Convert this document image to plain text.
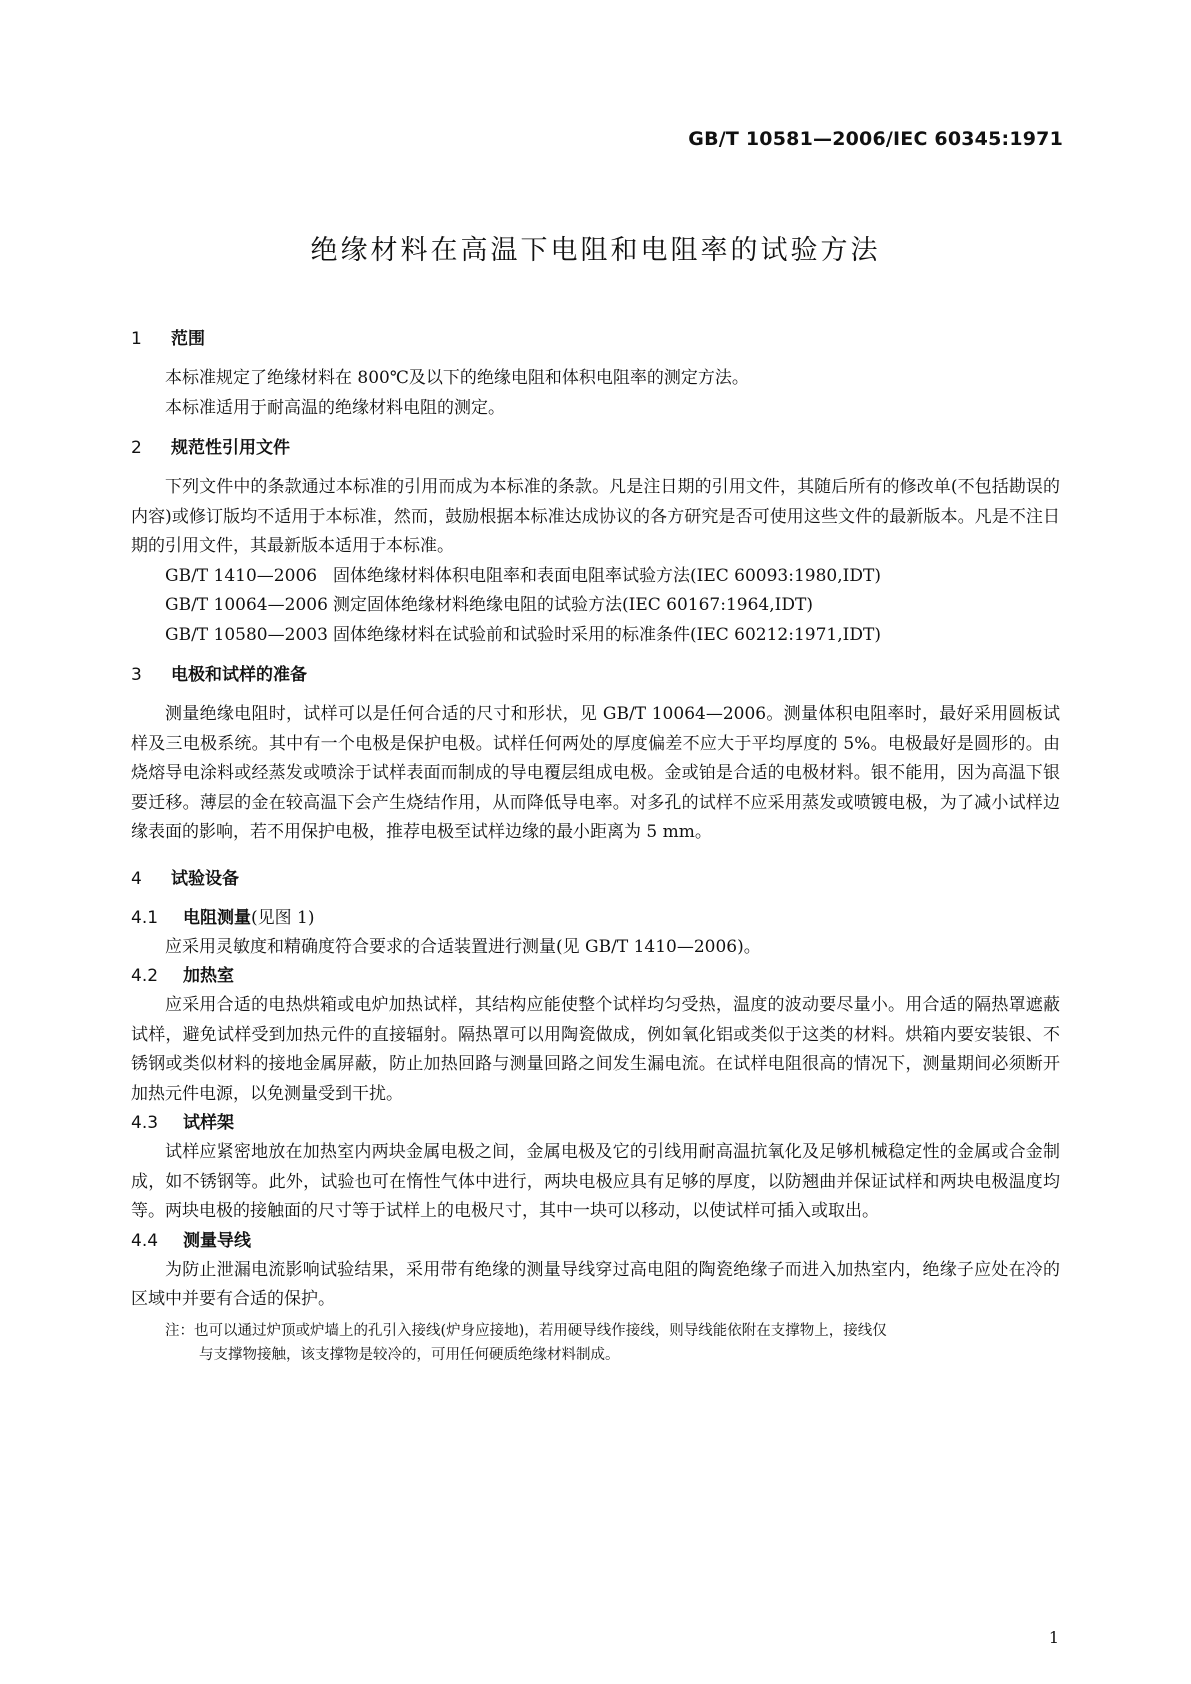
GB/T 10581—2006/IEC 60345:1971
绝缘材料在高温下电阻和电阻率的试验方法
1 范围

本标准规定了绝缘材料在 800℃及以下的绝缘电阻和体积电阻率的测定方法。

本标准适用于耐高温的绝缘材料电阻的测定。

2 规范性引用文件

下列文件中的条款通过本标准的引用而成为本标准的条款。凡是注日期的引用文件，其随后所有的修改单(不包括勘误的内容)或修订版均不适用于本标准，然而，鼓励根据本标准达成协议的各方研究是否可使用这些文件的最新版本。凡是不注日期的引用文件，其最新版本适用于本标准。

GB/T 1410—2006 固体绝缘材料体积电阻率和表面电阻率试验方法(IEC 60093:1980,IDT)
GB/T 10064—2006 测定固体绝缘材料绝缘电阻的试验方法(IEC 60167:1964,IDT)
GB/T 10580—2003 固体绝缘材料在试验前和试验时采用的标准条件(IEC 60212:1971,IDT)
3 电极和试样的准备

测量绝缘电阻时，试样可以是任何合适的尺寸和形状，见 GB/T 10064—2006。测量体积电阻率时，最好采用圆板试样及三电极系统。其中有一个电极是保护电极。试样任何两处的厚度偏差不应大于平均厚度的 5%。电极最好是圆形的。由烧熔导电涂料或经蒸发或喷涂于试样表面而制成的导电覆层组成电极。金或铂是合适的电极材料。银不能用，因为高温下银要迁移。薄层的金在较高温下会产生烧结作用，从而降低导电率。对多孔的试样不应采用蒸发或喷镀电极，为了减小试样边缘表面的影响，若不用保护电极，推荐电极至试样边缘的最小距离为 5 mm。

4 试验设备
4.1 电阻测量(见图 1)

应采用灵敏度和精确度符合要求的合适装置进行测量(见 GB/T 1410—2006)。

4.2 加热室

应采用合适的电热烘箱或电炉加热试样，其结构应能使整个试样均匀受热，温度的波动要尽量小。用合适的隔热罩遮蔽试样，避免试样受到加热元件的直接辐射。隔热罩可以用陶瓷做成，例如氧化铝或类似于这类的材料。烘箱内要安装银、不锈钢或类似材料的接地金属屏蔽，防止加热回路与测量回路之间发生漏电流。在试样电阻很高的情况下，测量期间必须断开加热元件电源，以免测量受到干扰。

4.3 试样架

试样应紧密地放在加热室内两块金属电极之间，金属电极及它的引线用耐高温抗氧化及足够机械稳定性的金属或合金制成，如不锈钢等。此外，试验也可在惰性气体中进行，两块电极应具有足够的厚度，以防翘曲并保证试样和两块电极温度均等。两块电极的接触面的尺寸等于试样上的电极尺寸，其中一块可以移动，以使试样可插入或取出。

4.4 测量导线

为防止泄漏电流影响试验结果，采用带有绝缘的测量导线穿过高电阻的陶瓷绝缘子而进入加热室内，绝缘子应处在冷的区域中并要有合适的保护。

注：也可以通过炉顶或炉墙上的孔引入接线(炉身应接地)，若用硬导线作接线，则导线能依附在支撑物上，接线仅
与支撑物接触，该支撑物是较冷的，可用任何硬质绝缘材料制成。
1
